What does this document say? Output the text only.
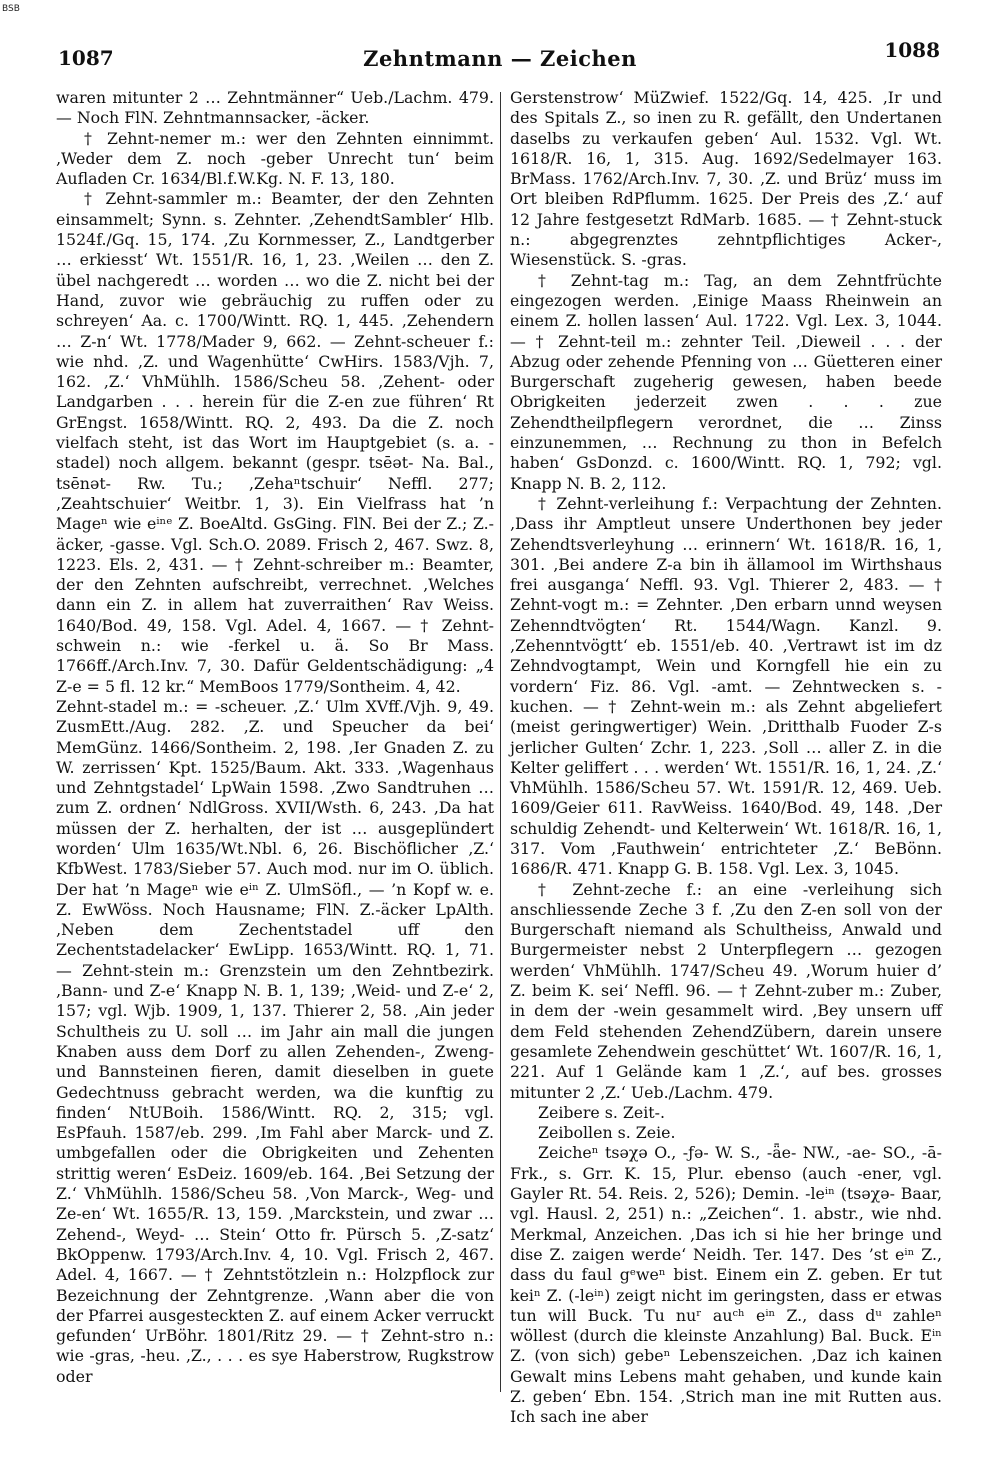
BSB
1087	Zehntmann — Zeichen	1088

waren mitunter 2 … Zehntmänner“ Ueb./Lachm. 479. — Noch FlN. Zehntmannsacker, -äcker.

† Zehnt-nemer m.: wer den Zehnten einnimmt. ‚Weder dem Z. noch -geber Unrecht tun‘ beim Aufladen Cr. 1634/Bl.f.W.Kg. N. F. 13, 180.

† Zehnt-sammler m.: Beamter, der den Zehnten einsammelt; Synn. s. Zehnter. ‚ZehendtSambler‘ Hlb. 1524f./Gq. 15, 174. ‚Zu Kornmesser, Z., Landtgerber … erkiesst‘ Wt. 1551/R. 16, 1, 23. ‚Weilen … den Z. übel nachgeredt … worden … wo die Z. nicht bei der Hand, zuvor wie gebräuchig zu ruffen oder zu schreyen‘ Aa. c. 1700/Wintt. RQ. 1, 445. ‚Zehendern … Z-n‘ Wt. 1778/Mader 9, 662. — Zehnt-scheuer f.: wie nhd. ‚Z. und Wagenhütte‘ CwHirs. 1583/Vjh. 7, 162. ‚Z.‘ VhMühlh. 1586/Scheu 58. ‚Zehent- oder Landgarben . . . herein für die Z-en zue führen‘ Rt GrEngst. 1658/Wintt. RQ. 2, 493. Da die Z. noch vielfach steht, ist das Wort im Hauptgebiet (s. a. -stadel) noch allgem. bekannt (gespr. tsēət- Na. Bal., tsēnət- Rw. Tu.; ‚Zehaⁿtschuir‘ Neffl. 277; ‚Zeahtschuier‘ Weitbr. 1, 3). Ein Vielfrass hat ’n Mageⁿ wie eⁱⁿᵉ Z. BoeAltd. GsGing. FlN. Bei der Z.; Z.-äcker, -gasse. Vgl. Sch.O. 2089. Frisch 2, 467. Swz. 8, 1223. Els. 2, 431. — † Zehnt-schreiber m.: Beamter, der den Zehnten aufschreibt, verrechnet. ‚Welches dann ein Z. in allem hat zuverraithen‘ Rav Weiss. 1640/Bod. 49, 158. Vgl. Adel. 4, 1667. — † Zehnt-schwein n.: wie -ferkel u. ä. So Br Mass. 1766ff./Arch.Inv. 7, 30. Dafür Geldentschädigung: „4 Z-e = 5 fl. 12 kr.“ MemBoos 1779/Sontheim. 4, 42.

Zehnt-stadel m.: = -scheuer. ‚Z.‘ Ulm XVff./Vjh. 9, 49. ZusmEtt./Aug. 282. ‚Z. und Speucher da bei‘ MemGünz. 1466/Sontheim. 2, 198. ‚Ier Gnaden Z. zu W. zerrissen‘ Kpt. 1525/Baum. Akt. 333. ‚Wagenhaus und Zehntgstadel‘ LpWain 1598. ‚Zwo Sandtruhen … zum Z. ordnen‘ NdlGross. XVII/Wsth. 6, 243. ‚Da hat müssen der Z. herhalten, der ist … ausgeplündert worden‘ Ulm 1635/Wt.Nbl. 6, 26. Bischöflicher ‚Z.‘ KfbWest. 1783/Sieber 57. Auch mod. nur im O. üblich. Der hat ’n Mageⁿ wie eⁱⁿ Z. UlmSöfl., — ’n Kopf w. e. Z. EwWöss. Noch Hausname; FlN. Z.-äcker LpAlth. ‚Neben dem Zechentstadel uff den Zechentstadelacker‘ EwLipp. 1653/Wintt. RQ. 1, 71. — Zehnt-stein m.: Grenzstein um den Zehntbezirk. ‚Bann- und Z-e‘ Knapp N. B. 1, 139; ‚Weid- und Z-e‘ 2, 157; vgl. Wjb. 1909, 1, 137. Thierer 2, 58. ‚Ain jeder Schultheis zu U. soll … im Jahr ain mall die jungen Knaben auss dem Dorf zu allen Zehenden-, Zweng- und Bannsteinen fieren, damit dieselben in guete Gedechtnuss gebracht werden, wa die kunftig zu finden‘ NtUBoih. 1586/Wintt. RQ. 2, 315; vgl. EsPfauh. 1587/eb. 299. ‚Im Fahl aber Marck- und Z. umbgefallen oder die Obrigkeiten und Zehenten strittig weren‘ EsDeiz. 1609/eb. 164. ‚Bei Setzung der Z.‘ VhMühlh. 1586/Scheu 58. ‚Von Marck-, Weg- und Ze-en‘ Wt. 1655/R. 13, 159. ‚Marckstein, und zwar … Zehend-, Weyd- … Stein‘ Otto fr. Pürsch 5. ‚Z-satz‘ BkOppenw. 1793/Arch.Inv. 4, 10. Vgl. Frisch 2, 467. Adel. 4, 1667. — † Zehntstötzlein n.: Holzpflock zur Bezeichnung der Zehntgrenze. ‚Wann aber die von der Pfarrei ausgesteckten Z. auf einem Acker verruckt gefunden‘ UrBöhr. 1801/Ritz 29. — † Zehnt-stro n.: wie -gras, -heu. ‚Z., . . . es sye Haberstrow, Rugkstrow oder

Gerstenstrow‘ MüZwief. 1522/Gq. 14, 425. ‚Ir und des Spitals Z., so inen zu R. gefällt, den Undertanen daselbs zu verkaufen geben‘ Aul. 1532. Vgl. Wt. 1618/R. 16, 1, 315. Aug. 1692/Sedelmayer 163. BrMass. 1762/Arch.Inv. 7, 30. ‚Z. und Brüz‘ muss im Ort bleiben RdPflumm. 1625. Der Preis des ‚Z.‘ auf 12 Jahre festgesetzt RdMarb. 1685. — † Zehnt-stuck n.: abgegrenztes zehntpflichtiges Acker-, Wiesenstück. S. -gras.

† Zehnt-tag m.: Tag, an dem Zehntfrüchte eingezogen werden. ‚Einige Maass Rheinwein an einem Z. hollen lassen‘ Aul. 1722. Vgl. Lex. 3, 1044. — † Zehnt-teil m.: zehnter Teil. ‚Dieweil . . . der Abzug oder zehende Pfenning von … Güetteren einer Burgerschaft zugeherig gewesen, haben beede Obrigkeiten jederzeit zwen . . . zue Zehendtheilpflegern verordnet, die … Zinss einzunemmen, … Rechnung zu thon in Befelch haben‘ GsDonzd. c. 1600/Wintt. RQ. 1, 792; vgl. Knapp N. B. 2, 112.

† Zehnt-verleihung f.: Verpachtung der Zehnten. ‚Dass ihr Amptleut unsere Underthonen bey jeder Zehendtsverleyhung … erinnern‘ Wt. 1618/R. 16, 1, 301. ‚Bei andere Z-a bin ih ällamool im Wirthshaus frei ausganga‘ Neffl. 93. Vgl. Thierer 2, 483. — † Zehnt-vogt m.: = Zehnter. ‚Den erbarn unnd weysen Zehenndtvögten‘ Rt. 1544/Wagn. Kanzl. 9. ‚Zehenntvögtt‘ eb. 1551/eb. 40. ‚Vertrawt ist im dz Zehndvogtampt, Wein und Korngfell hie ein zu vordern‘ Fiz. 86. Vgl. -amt. — Zehntwecken s. -kuchen. — † Zehnt-wein m.: als Zehnt abgeliefert (meist geringwertiger) Wein. ‚Dritthalb Fuoder Z-s jerlicher Gulten‘ Zchr. 1, 223. ‚Soll … aller Z. in die Kelter geliffert . . . werden‘ Wt. 1551/R. 16, 1, 24. ‚Z.‘ VhMühlh. 1586/Scheu 57. Wt. 1591/R. 12, 469. Ueb. 1609/Geier 611. RavWeiss. 1640/Bod. 49, 148. ‚Der schuldig Zehendt- und Kelterwein‘ Wt. 1618/R. 16, 1, 317. Vom ‚Fauthwein‘ entrichteter ‚Z.‘ BeBönn. 1686/R. 471. Knapp G. B. 158. Vgl. Lex. 3, 1045.

† Zehnt-zeche f.: an eine -verleihung sich anschliessende Zeche 3 f. ‚Zu den Z-en soll von der Burgerschaft niemand als Schultheiss, Anwald und Burgermeister nebst 2 Unterpflegern … gezogen werden‘ VhMühlh. 1747/Scheu 49. ‚Worum huier d’ Z. beim K. sei‘ Neffl. 96. — † Zehnt-zuber m.: Zuber, in dem der -wein gesammelt wird. ‚Bey unsern uff dem Feld stehenden ZehendZübern, darein unsere gesamlete Zehendwein geschüttet‘ Wt. 1607/R. 16, 1, 221. Auf 1 Gelände kam 1 ‚Z.‘, auf bes. grosses mitunter 2 ‚Z.‘ Ueb./Lachm. 479.

Zeibere s. Zeit-.

Zeibollen s. Zeie.

Zeicheⁿ tsəχə O., -ƒə- W. S., -ǟe- NW., -ae- SO., -ā- Frk., s. Grr. K. 15, Plur. ebenso (auch -ener, vgl. Gayler Rt. 54. Reis. 2, 526); Demin. -leⁱⁿ (tsəχə- Baar, vgl. Hausl. 2, 251) n.: „Zeichen“. 1. abstr., wie nhd. Merkmal, Anzeichen. ‚Das ich si hie her bringe und dise Z. zaigen werde‘ Neidh. Ter. 147. Des ’st eⁱⁿ Z., dass du faul gᵉweⁿ bist. Einem ein Z. geben. Er tut keiⁿ Z. (-leⁱⁿ) zeigt nicht im geringsten, dass er etwas tun will Buck. Tu nuʳ auᶜʰ eⁱⁿ Z., dass dᵘ zahleⁿ wöllest (durch die kleinste Anzahlung) Bal. Buck. Eⁱⁿ Z. (von sich) gebeⁿ Lebenszeichen. ‚Daz ich kainen Gewalt mins Lebens maht gehaben, und kunde kain Z. geben‘ Ebn. 154. ‚Strich man ine mit Rutten aus. Ich sach ine aber
